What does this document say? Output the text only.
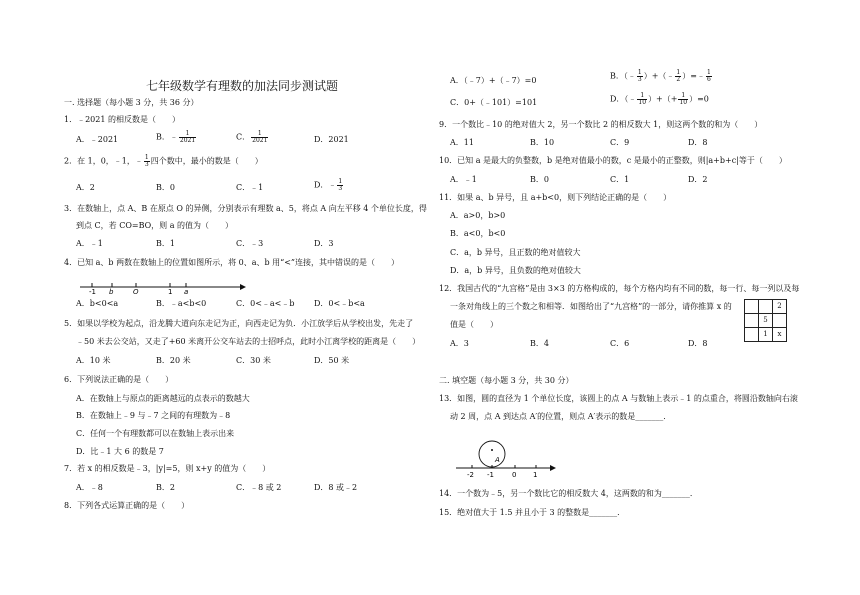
七年级数学有理数的加法同步测试题
一. 选择题（每小题 3 分，共 36 分）
1．﹣2021 的相反数是（　　）
A．﹣2021	B．﹣ $\frac{1}{2021}$	C． $\frac{1}{2021}$	D．2021
2．在 1，0，﹣1，﹣ $\frac{1}{3}$ 四个数中，最小的数是（　　）
A．2	B．0	C．﹣1	D．﹣ $\frac{1}{3}$
3．在数轴上，点 A、B 在原点 O 的异侧，分别表示有理数 a、5，将点 A 向左平移 4 个单位长度，得
到点 C，若 CO=BO，则 a 的值为（　　）
A．﹣1	B．1	C．﹣3	D．3
4．已知 a、b 两数在数轴上的位置如图所示，将 0、a、b 用“<”连接，其中错误的是（　　）
-1 b	O	1 a
A．b<0<a	B．﹣a<b<0	C．0<﹣a<﹣b D．0<﹣b<a
5．如果以学校为起点，沿龙腾大道向东走记为正，向西走记为负．小江放学后从学校出发，先走了
﹣50 米去公交站，又走了+60 米离开公交车站去的士招呼点，此时小江离学校的距离是（　　）
A．10 米	B．20 米	C．30 米	D．50 米
6．下列说法正确的是（　　）
A．在数轴上与原点的距离越远的点表示的数越大
B．在数轴上﹣9 与﹣7 之间的有理数为﹣8
C．任何一个有理数都可以在数轴上表示出来
D．比﹣1 大 6 的数是 7
7．若 x 的相反数是﹣3，|y|=5，则 x+y 的值为（　　）
A．﹣8	B．2	C．﹣8 或 2	D．8 或﹣2
8．下列各式运算正确的是（　　）
A．（﹣7）+（﹣7）=0	B．（﹣ $\frac{1}{3}$ ）+（﹣ $\frac{1}{2}$ ）=﹣ $\frac{1}{6}$
C．0+（﹣101）=101	D．（﹣ $\frac{1}{10}$ ）+（+ $\frac{1}{10} )=0$
9．一个数比﹣10 的绝对值大 2，另一个数比 2 的相反数大 1，则这两个数的和为（　　）
A．11	B．10	C．9	D．8
10．已知 a 是最大的负整数，b 是绝对值最小的数，c 是最小的正整数，则|a+b+c|等于（　　）
A．﹣1	B．0	C．1	D．2
11．如果 a、b 异号，且 a+b<0，则下列结论正确的是（　　）
A．a>0，b>0
B．a<0，b<0
C．a，b 异号，且正数的绝对值较大
D．a，b 异号，且负数的绝对值较大
12．我国古代的“九宫格”是由 3×3 的方格构成的，每个方格内均有不同的数，每一行、每一列以及每
一条对角线上的三个数之和相等．如图给出了“九宫格”的一部分，请你推算 x 的
值是（　　）
		2
	5	
	1	x
A．3	B．4	C．6	D．8
二. 填空题（每小题 3 分，共 30 分）
13．如图，圆的直径为 1 个单位长度，该圆上的点 A 与数轴上表示﹣1 的点重合，将圆沿数轴向右滚
动 2 周，点 A 到达点 A′的位置，则点 A′表示的数是_______．
A
-2 -1	0 1
14．一个数为﹣5，另一个数比它的相反数大 4，这两数的和为_______．
15．绝对值大于 1.5 并且小于 3 的整数是_______．
